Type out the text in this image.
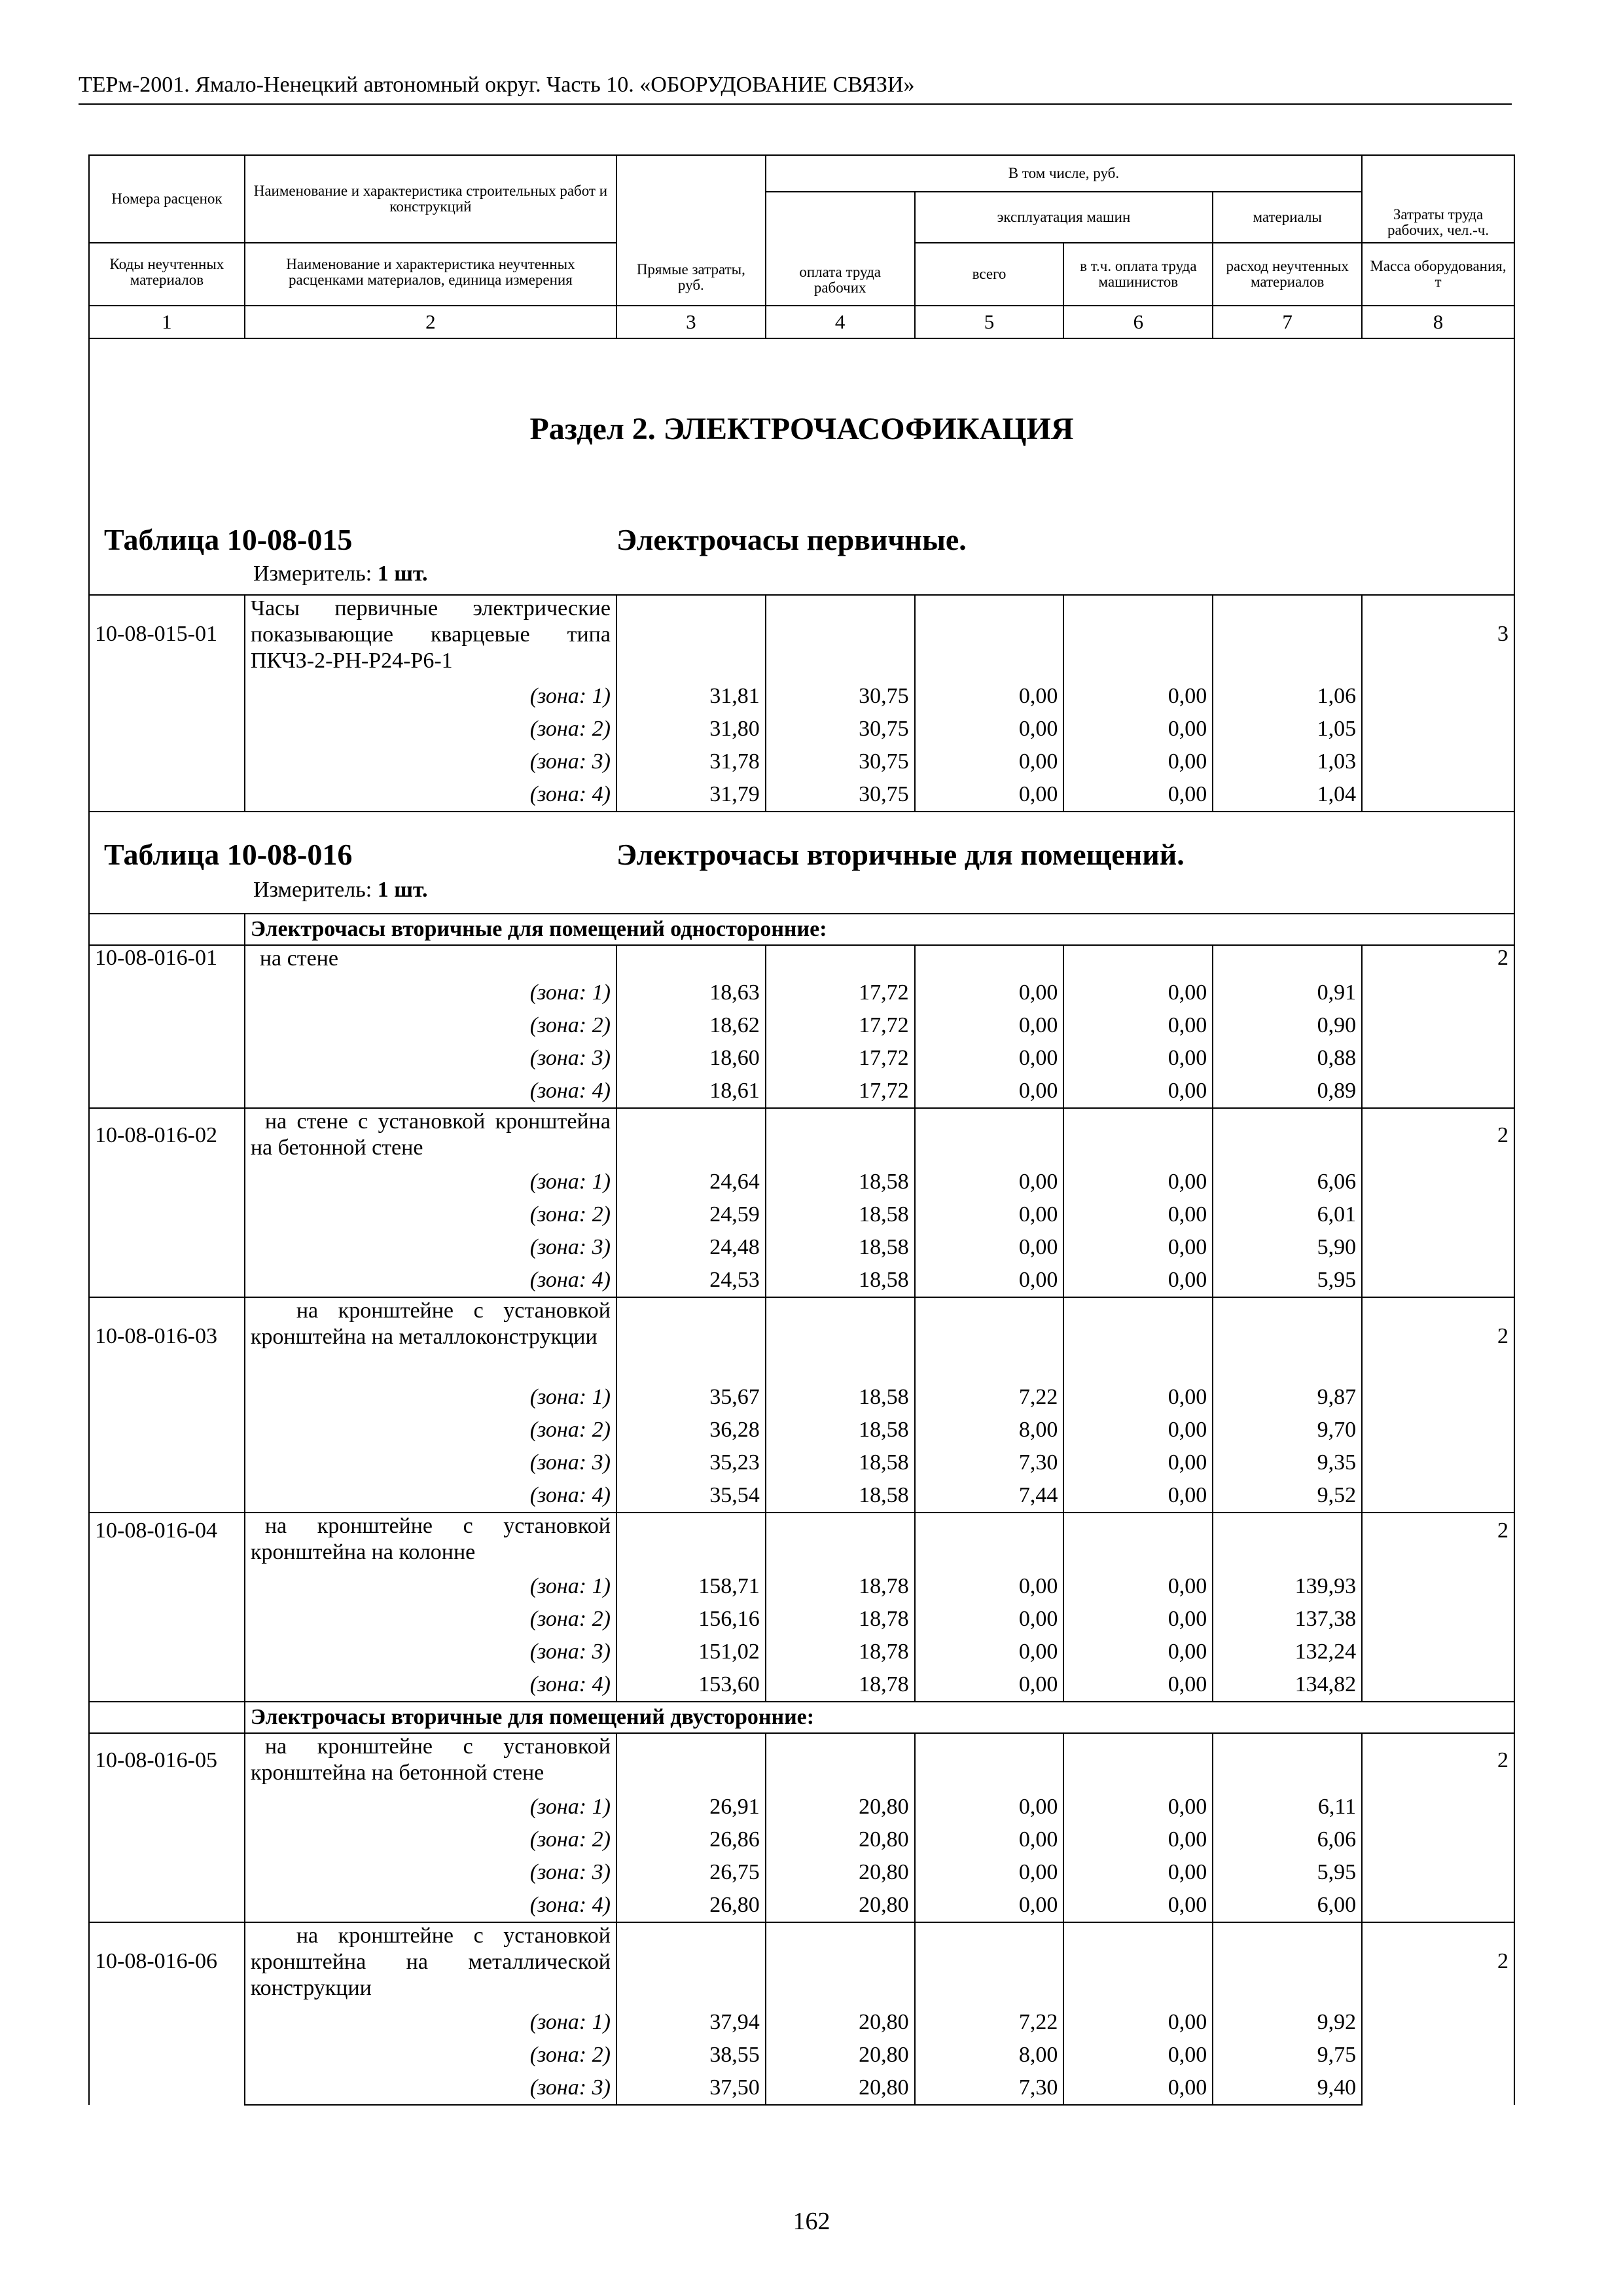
ТЕРм-2001. Ямало-Ненецкий автономный округ. Часть 10. «ОБОРУДОВАНИЕ СВЯЗИ»
Номера расценок	Наименование и характеристика строительных работ и конструкций	Прямые затраты, руб.	В том числе, руб.				Затраты труда рабочих, чел.-ч.
			оплата труда рабочих	эксплуатация машин		материалы	
Коды неучтенных материалов	Наименование и характеристика неучтенных расценками материалов, единица измерения			всего	в т.ч. оплата труда машинистов	расход неучтенных материалов	Масса оборудования, т
1	2	3	4	5	6	7	8

Раздел 2. ЭЛЕКТРОЧАСОФИКАЦИЯ
Таблица 10-08-015 Электрочасы первичные.
Измеритель: 1 шт.							

10-08-015-01	Часы первичные электрические показывающие кварцевые типа ПКЧЗ-2-РН-Р24-Р6-1						3
	(зона: 1)	31,81	30,75	0,00	0,00	1,06	
	(зона: 2)	31,80	30,75	0,00	0,00	1,05	
	(зона: 3)	31,78	30,75	0,00	0,00	1,03	
	(зона: 4)	31,79	30,75	0,00	0,00	1,04	

Таблица 10-08-016 Электрочасы вторичные для помещений.
Измеритель: 1 шт.							

	Электрочасы вторичные для помещений односторонние:						
10-08-016-01	на стене						2
	(зона: 1)	18,63	17,72	0,00	0,00	0,91	
	(зона: 2)	18,62	17,72	0,00	0,00	0,90	
	(зона: 3)	18,60	17,72	0,00	0,00	0,88	
	(зона: 4)	18,61	17,72	0,00	0,00	0,89	
10-08-016-02	на стене с установкой кронштейна на бетонной стене						2
	(зона: 1)	24,64	18,58	0,00	0,00	6,06	
	(зона: 2)	24,59	18,58	0,00	0,00	6,01	
	(зона: 3)	24,48	18,58	0,00	0,00	5,90	
	(зона: 4)	24,53	18,58	0,00	0,00	5,95	
10-08-016-03	на кронштейне с установкой кронштейна на металлоконструкции						2
	(зона: 1)	35,67	18,58	7,22	0,00	9,87	
	(зона: 2)	36,28	18,58	8,00	0,00	9,70	
	(зона: 3)	35,23	18,58	7,30	0,00	9,35	
	(зона: 4)	35,54	18,58	7,44	0,00	9,52	
10-08-016-04	на кронштейне с установкой кронштейна на колонне						2
	(зона: 1)	158,71	18,78	0,00	0,00	139,93	
	(зона: 2)	156,16	18,78	0,00	0,00	137,38	
	(зона: 3)	151,02	18,78	0,00	0,00	132,24	
	(зона: 4)	153,60	18,78	0,00	0,00	134,82	
	Электрочасы вторичные для помещений двусторонние:						
10-08-016-05	на кронштейне с установкой кронштейна на бетонной стене						2
	(зона: 1)	26,91	20,80	0,00	0,00	6,11	
	(зона: 2)	26,86	20,80	0,00	0,00	6,06	
	(зона: 3)	26,75	20,80	0,00	0,00	5,95	
	(зона: 4)	26,80	20,80	0,00	0,00	6,00	
10-08-016-06	на кронштейне с установкой кронштейна на металлической конструкции						2
	(зона: 1)	37,94	20,80	7,22	0,00	9,92	
	(зона: 2)	38,55	20,80	8,00	0,00	9,75	
	(зона: 3)	37,50	20,80	7,30	0,00	9,40	
162
